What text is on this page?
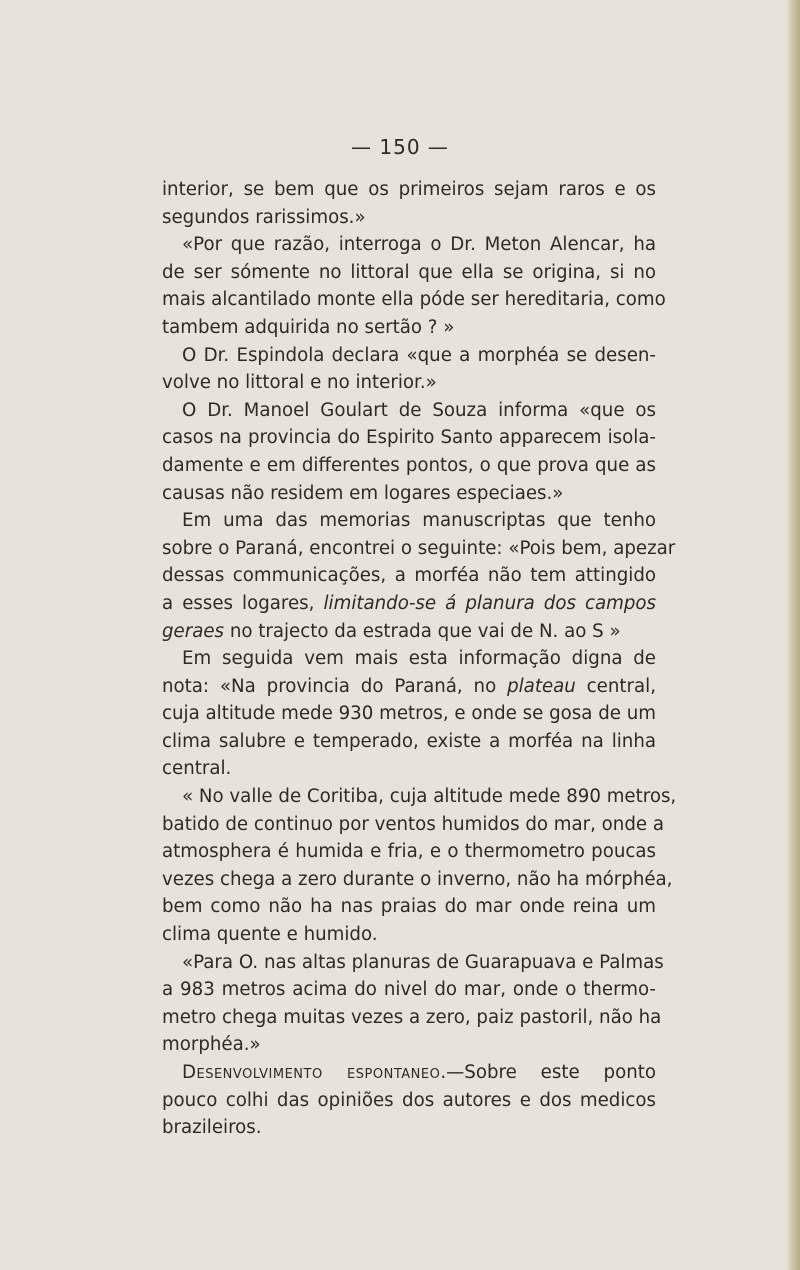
— 150 —
interior, se bem que os primeiros sejam raros e os
segundos rarissimos.»
«Por que razão, interroga o Dr. Meton Alencar, ha
de ser sómente no littoral que ella se origina, si no
mais alcantilado monte ella póde ser hereditaria, como
tambem adquirida no sertão ? »
O Dr. Espindola declara «que a morphéa se desen-
volve no littoral e no interior.»
O Dr. Manoel Goulart de Souza informa «que os
casos na provincia do Espirito Santo apparecem isola-
damente e em differentes pontos, o que prova que as
causas não residem em logares especiaes.»
Em uma das memorias manuscriptas que tenho
sobre o Paraná, encontrei o seguinte: «Pois bem, apezar
dessas communicações, a morféa não tem attingido
a esses logares, limitando-se á planura dos campos
geraes no trajecto da estrada que vai de N. ao S »
Em seguida vem mais esta informação digna de
nota: «Na provincia do Paraná, no plateau central,
cuja altitude mede 930 metros, e onde se gosa de um
clima salubre e temperado, existe a morféa na linha
central.
« No valle de Coritiba, cuja altitude mede 890 metros,
batido de continuo por ventos humidos do mar, onde a
atmosphera é humida e fria, e o thermometro poucas
vezes chega a zero durante o inverno, não ha mórphéa,
bem como não ha nas praias do mar onde reina um
clima quente e humido.
«Para O. nas altas planuras de Guarapuava e Palmas
a 983 metros acima do nivel do mar, onde o thermo-
metro chega muitas vezes a zero, paiz pastoril, não ha
morphéa.»
Desenvolvimento espontaneo.—Sobre este ponto
pouco colhi das opiniões dos autores e dos medicos
brazileiros.
